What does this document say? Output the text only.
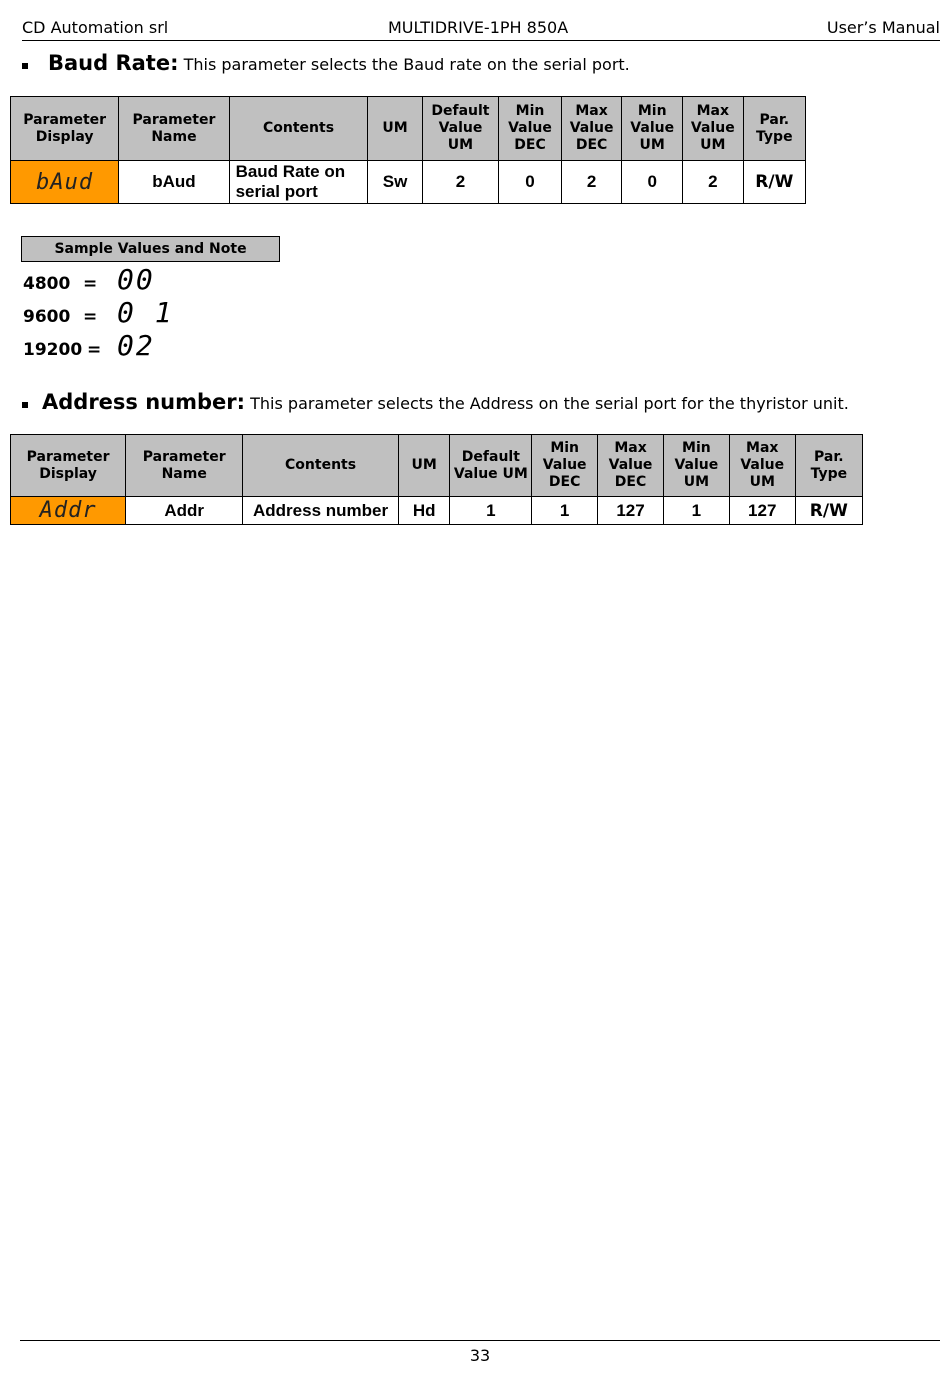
CD Automation srl	MULTIDRIVE-1PH 850A	User’s Manual
Baud Rate: This parameter selects the Baud rate on the serial port.
Parameter Display	Parameter Name	Contents	UM	Default Value UM	Min Value DEC	Max Value DEC	Min Value UM	Max Value UM	Par. Type
bAud	bAud	Baud Rate on serial port	Sw	2	0	2	0	2	R/W
Sample Values and Note
4800 = 00
9600 = 0 1
19200 = 02
Address number: This parameter selects the Address on the serial port for the thyristor unit.
Parameter Display	Parameter Name	Contents	UM	Default Value UM	Min Value DEC	Max Value DEC	Min Value UM	Max Value UM	Par. Type
Addr	Addr	Address number	Hd	1	1	127	1	127	R/W
33
